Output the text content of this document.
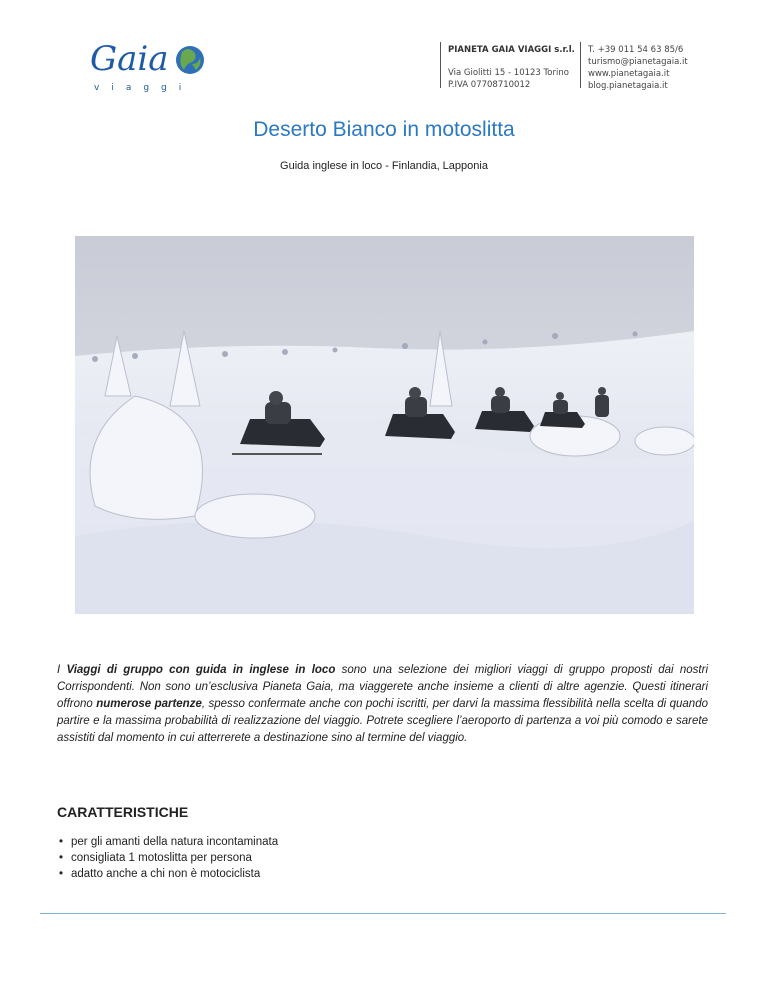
Gaia
viaggi
PIANETA GAIA VIAGGI s.r.l.
Via Giolitti 15 - 10123 Torino
P.IVA 07708710012
T. +39 011 54 63 85/6
turismo@pianetagaia.it
www.pianetagaia.it
blog.pianetagaia.it
Deserto Bianco in motoslitta
Guida inglese in loco - Finlandia, Lapponia

I Viaggi di gruppo con guida in inglese in loco sono una selezione dei migliori viaggi di gruppo proposti dai nostri Corrispondenti. Non sono un’esclusiva Pianeta Gaia, ma viaggerete anche insieme a clienti di altre agenzie. Questi itinerari offrono numerose partenze, spesso confermate anche con pochi iscritti, per darvi la massima flessibilità nella scelta di quando partire e la massima probabilità di realizzazione del viaggio. Potrete scegliere l’aeroporto di partenza a voi più comodo e sarete assistiti dal momento in cui atterrerete a destinazione sino al termine del viaggio.

CARATTERISTICHE
• per gli amanti della natura incontaminata
• consigliata 1 motoslitta per persona
• adatto anche a chi non è motociclista
